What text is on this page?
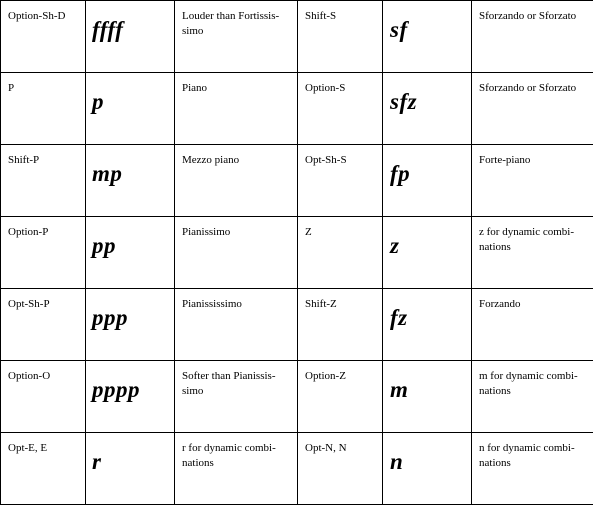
Option-Sh-D	ffff	Louder than Fortissis-simo	Shift-S	sf	Sforzando or Sforzato

P	p	Piano	Option-S	sfz	Sforzando or Sforzato

Shift-P	mp	Mezzo piano	Opt-Sh-S	fp	Forte-piano

Option-P	pp	Pianissimo	Z	z	z for dynamic combi-nations

Opt-Sh-P	ppp	Pianississimo	Shift-Z	fz	Forzando

Option-O	pppp	Softer than Pianissis-simo	Option-Z	m	m for dynamic combi-nations

Opt-E, E	r	r for dynamic combi-nations	Opt-N, N	n	n for dynamic combi-nations
